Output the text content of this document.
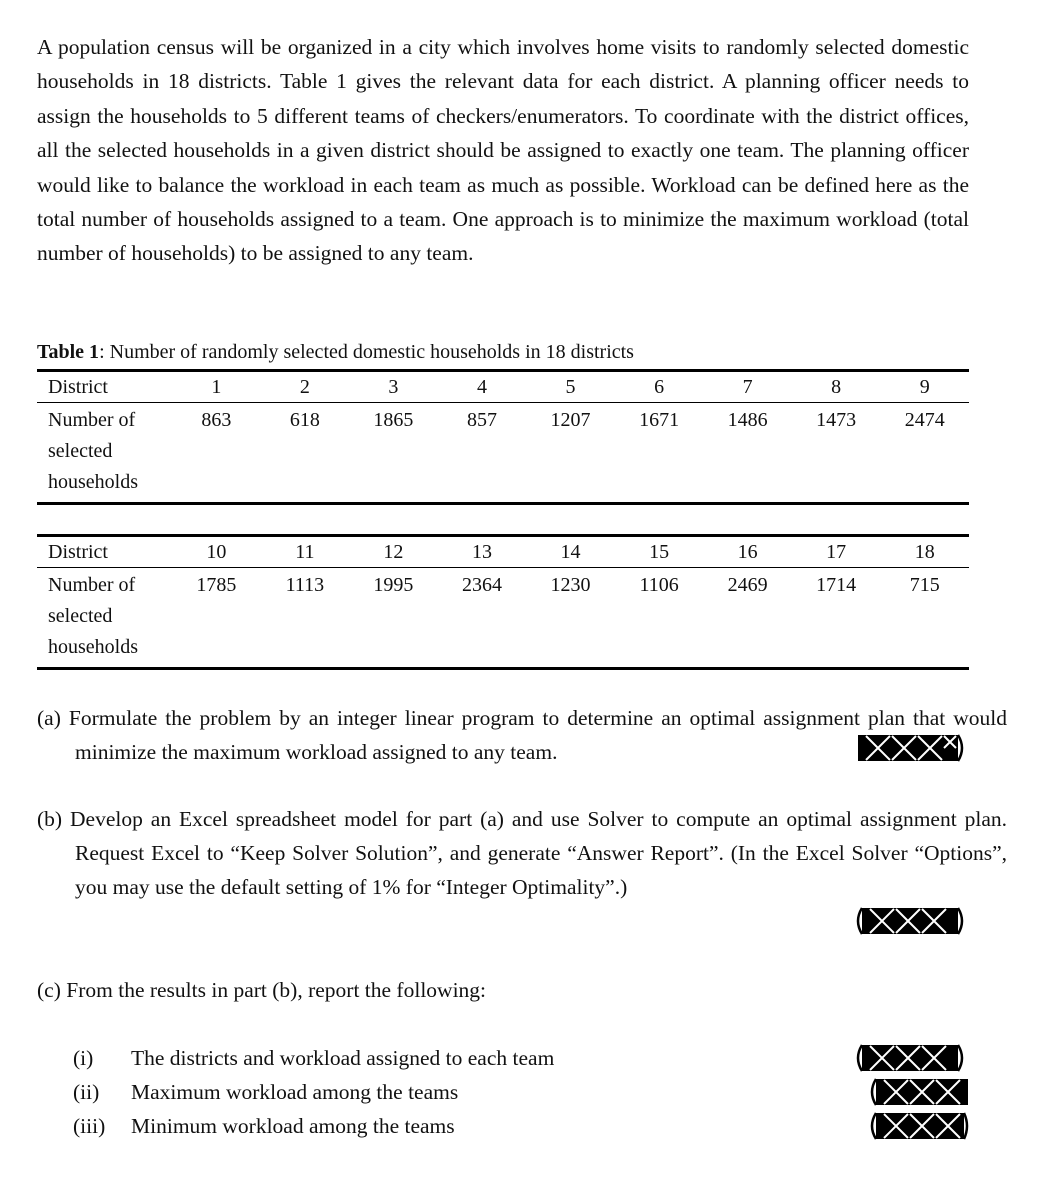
A population census will be organized in a city which involves home visits to randomly selected domestic households in 18 districts. Table 1 gives the relevant data for each district. A planning officer needs to assign the households to 5 different teams of checkers/enumerators. To coordinate with the district offices, all the selected households in a given district should be assigned to exactly one team. The planning officer would like to balance the workload in each team as much as possible. Workload can be defined here as the total number of households assigned to a team. One approach is to minimize the maximum workload (total number of households) to be assigned to any team.

Table 1: Number of randomly selected domestic households in 18 districts
District	1	2	3	4	5	6	7	8	9

Number of
selected
households	863	618	1865	857	1207	1671	1486	1473	2474
District	10	11	12	13	14	15	16	17	18

Number of
selected
households	1785	1113	1995	2364	1230	1106	2469	1714	715

(a) Formulate the problem by an integer linear program to determine an optimal assignment plan that would minimize the maximum workload assigned to any team.

(b) Develop an Excel spreadsheet model for part (a) and use Solver to compute an optimal assignment plan. Request Excel to “Keep Solver Solution”, and generate “Answer Report”. (In the Excel Solver “Options”, you may use the default setting of 1% for “Integer Optimality”.)

(c) From the results in part (b), report the following:

(i) The districts and workload assigned to each team
(ii) Maximum workload among the teams
(iii) Minimum workload among the teams
